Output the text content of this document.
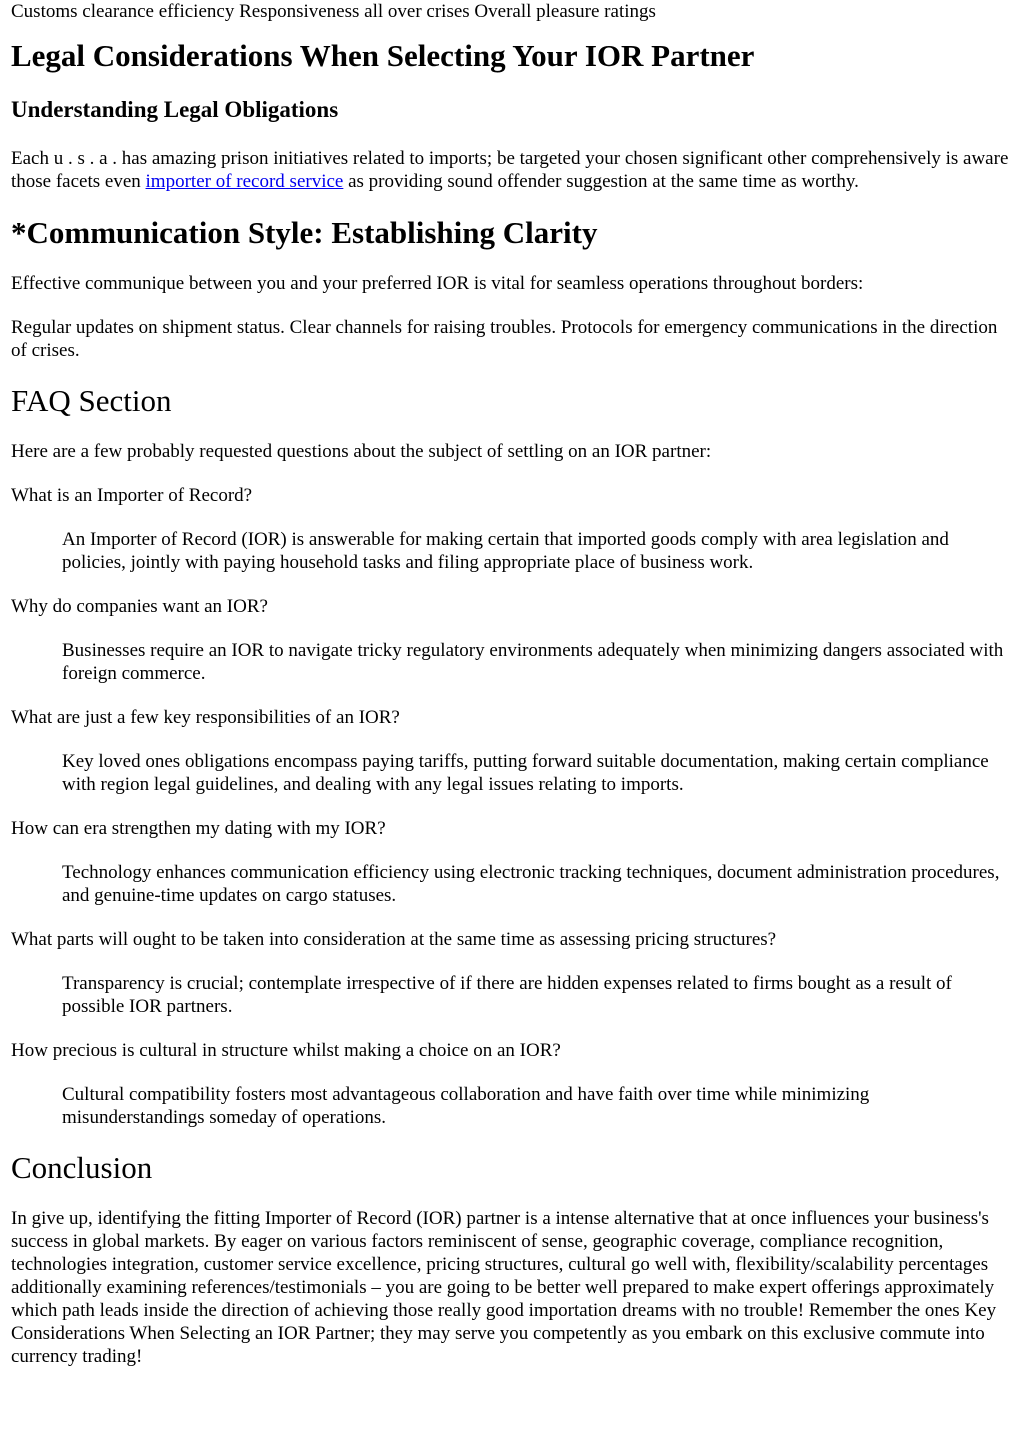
Customs clearance efficiency Responsiveness all over crises Overall pleasure ratings

Legal Considerations When Selecting Your IOR Partner
Understanding Legal Obligations

Each u . s . a . has amazing prison initiatives related to imports; be targeted your chosen significant other comprehensively is aware those facets even importer of record service as providing sound offender suggestion at the same time as worthy.

*Communication Style: Establishing Clarity

Effective communique between you and your preferred IOR is vital for seamless operations throughout borders:

Regular updates on shipment status. Clear channels for raising troubles. Protocols for emergency communications in the direction of crises.

FAQ Section

Here are a few probably requested questions about the subject of settling on an IOR partner:

What is an Importer of Record?
An Importer of Record (IOR) is answerable for making certain that imported goods comply with area legislation and policies, jointly with paying household tasks and filing appropriate place of business work.
Why do companies want an IOR?
Businesses require an IOR to navigate tricky regulatory environments adequately when minimizing dangers associated with foreign commerce.
What are just a few key responsibilities of an IOR?
Key loved ones obligations encompass paying tariffs, putting forward suitable documentation, making certain compliance with region legal guidelines, and dealing with any legal issues relating to imports.
How can era strengthen my dating with my IOR?
Technology enhances communication efficiency using electronic tracking techniques, document administration procedures, and genuine-time updates on cargo statuses.
What parts will ought to be taken into consideration at the same time as assessing pricing structures?
Transparency is crucial; contemplate irrespective of if there are hidden expenses related to firms bought as a result of possible IOR partners.
How precious is cultural in structure whilst making a choice on an IOR?
Cultural compatibility fosters most advantageous collaboration and have faith over time while minimizing misunderstandings someday of operations.
Conclusion

In give up, identifying the fitting Importer of Record (IOR) partner is a intense alternative that at once influences your business's success in global markets. By eager on various factors reminiscent of sense, geographic coverage, compliance recognition, technologies integration, customer service excellence, pricing structures, cultural go well with, flexibility/scalability percentages additionally examining references/testimonials – you are going to be better well prepared to make expert offerings approximately which path leads inside the direction of achieving those really good importation dreams with no trouble! Remember the ones Key Considerations When Selecting an IOR Partner; they may serve you competently as you embark on this exclusive commute into currency trading!
